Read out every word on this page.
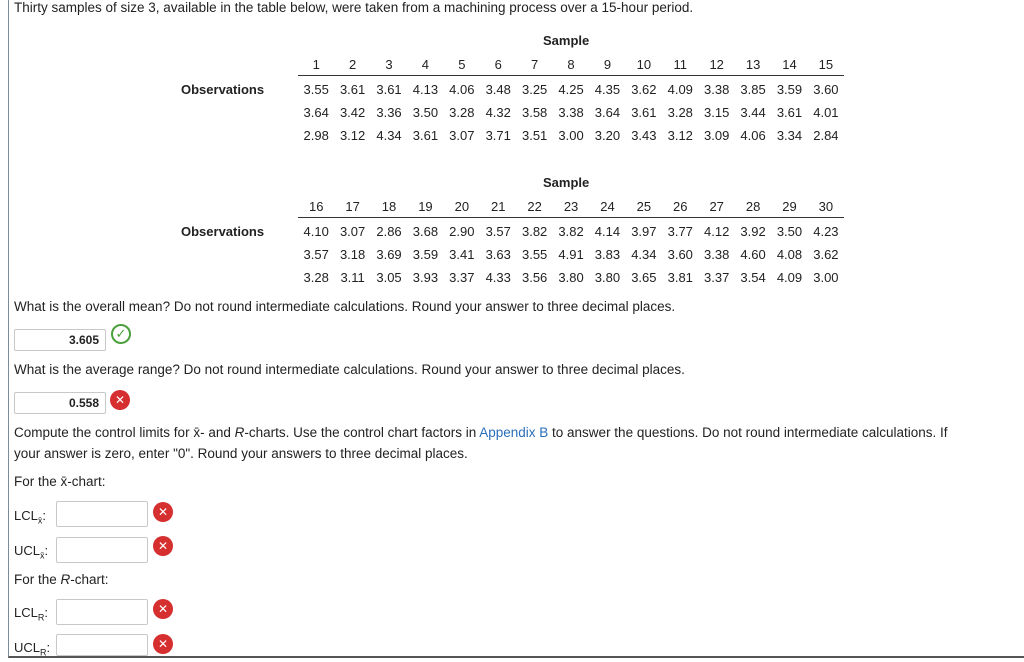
Thirty samples of size 3, available in the table below, were taken from a machining process over a 15-hour period.
Sample
1	2	3	4	5	6	7	8	9	10	11	12	13	14	15
Observations	3.55 3.61 3.61 4.13 4.06 3.48 3.25 4.25 4.35 3.62 4.09 3.38 3.85 3.59 3.60
3.64 3.42 3.36 3.50 3.28 4.32 3.58 3.38 3.64 3.61 3.28 3.15 3.44 3.61 4.01
2.98 3.12 4.34 3.61 3.07 3.71 3.51 3.00 3.20 3.43 3.12 3.09 4.06 3.34 2.84
Sample
16	17	18	19	20	21	22	23	24	25	26	27	28	29	30
Observations	4.10 3.07 2.86 3.68 2.90 3.57 3.82 3.82 4.14 3.97 3.77 4.12 3.92 3.50 4.23
3.57 3.18 3.69 3.59 3.41 3.63 3.55 4.91 3.83 4.34 3.60 3.38 4.60 4.08 3.62
3.28 3.11 3.05 3.93 3.37 4.33 3.56 3.80 3.80 3.65 3.81 3.37 3.54 4.09 3.00
What is the overall mean? Do not round intermediate calculations. Round your answer to three decimal places.
3.605	✓
What is the average range? Do not round intermediate calculations. Round your answer to three decimal places.
0.558	✕
Compute the control limits for x̄- and R-charts. Use the control chart factors in Appendix B to answer the questions. Do not round intermediate calculations. If
your answer is zero, enter "0". Round your answers to three decimal places.
For the x̄-chart:
$LCL_{x̄}$:	✕
$UCL_{x̄}$:	✕
For the R-chart:
$LCL_R$:	✕
$UCL_R$:	✕
